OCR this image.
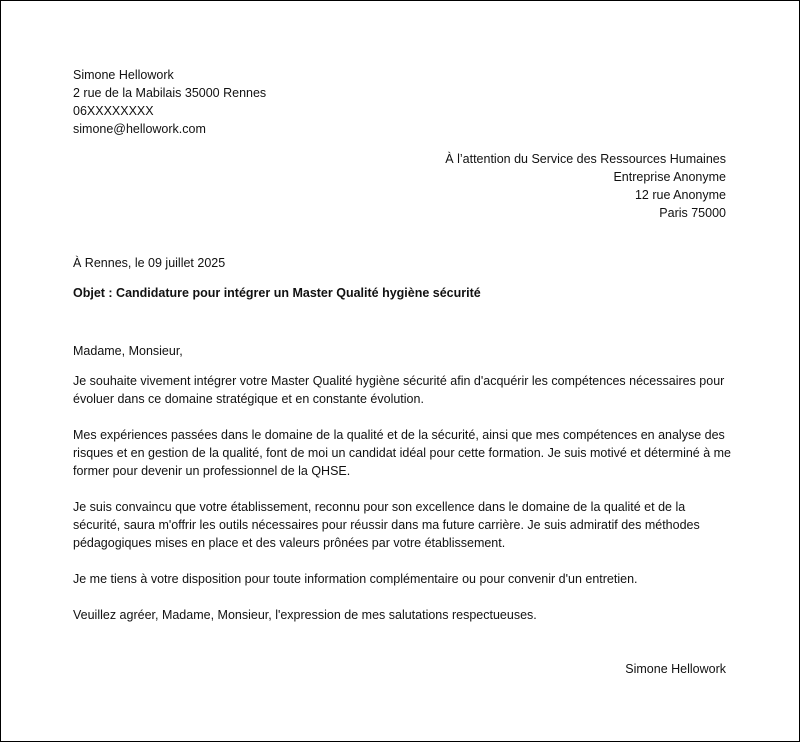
Simone Hellowork
2 rue de la Mabilais 35000 Rennes
06XXXXXXXX
simone@hellowork.com
À l’attention du Service des Ressources Humaines
Entreprise Anonyme
12 rue Anonyme
Paris 75000
À Rennes, le 09 juillet 2025
Objet : Candidature pour intégrer un Master Qualité hygiène sécurité

Madame, Monsieur,

Je souhaite vivement intégrer votre Master Qualité hygiène sécurité afin d'acquérir les compétences nécessaires pour évoluer dans ce domaine stratégique et en constante évolution.

Mes expériences passées dans le domaine de la qualité et de la sécurité, ainsi que mes compétences en analyse des risques et en gestion de la qualité, font de moi un candidat idéal pour cette formation. Je suis motivé et déterminé à me former pour devenir un professionnel de la QHSE.

Je suis convaincu que votre établissement, reconnu pour son excellence dans le domaine de la qualité et de la sécurité, saura m'offrir les outils nécessaires pour réussir dans ma future carrière. Je suis admiratif des méthodes pédagogiques mises en place et des valeurs prônées par votre établissement.

Je me tiens à votre disposition pour toute information complémentaire ou pour convenir d'un entretien.

Veuillez agréer, Madame, Monsieur, l'expression de mes salutations respectueuses.

Simone Hellowork
